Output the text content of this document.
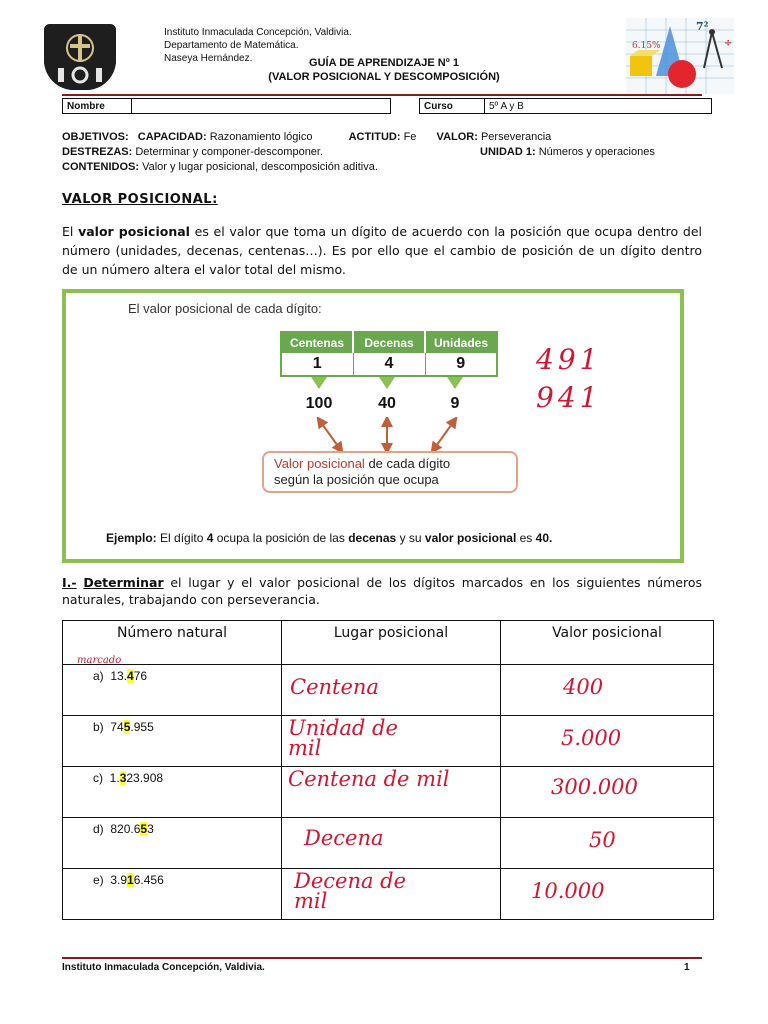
Instituto Inmaculada Concepción, Valdivia.
Departamento de Matemática.
Naseya Hernández.	GUÍA DE APRENDIZAJE Nº 1
(VALOR POSICIONAL Y DESCOMPOSICIÓN)
6.15%
7²
÷
Nombre			Curso	5º A y B
OBJETIVOS: CAPACIDAD: Razonamiento lógico	ACTITUD: Fe VALOR: Perseverancia
DESTREZAS: Determinar y componer-descomponer.	UNIDAD 1: Números y operaciones
CONTENIDOS: Valor y lugar posicional, descomposición aditiva.
VALOR POSICIONAL:
El valor posicional es el valor que toma un dígito de acuerdo con la posición que ocupa dentro del número (unidades, decenas, centenas…). Es por ello que el cambio de posición de un dígito dentro de un número altera el valor total del mismo.
El valor posicional de cada dígito:
Centenas	Decenas	Unidades
1	4	9
100	40	9
Valor posicional de cada dígito
según la posición que ocupa
Ejemplo: El dígito 4 ocupa la posición de las decenas y su valor posicional es 40.
491
941
I.- Determinar el lugar y el valor posicional de los dígitos marcados en los siguientes números naturales, trabajando con perseverancia.
Número natural	Lugar posicional	Valor posicional

marcado
a) 13.476	Centena	400

b) 745.955	Unidad de mil	5.000

c) 1.323.908	Centena de mil	300.000

d) 820.653	Decena	50

e) 3.916.456	Decena de mil	10.000
Instituto Inmaculada Concepción, Valdivia.	1
